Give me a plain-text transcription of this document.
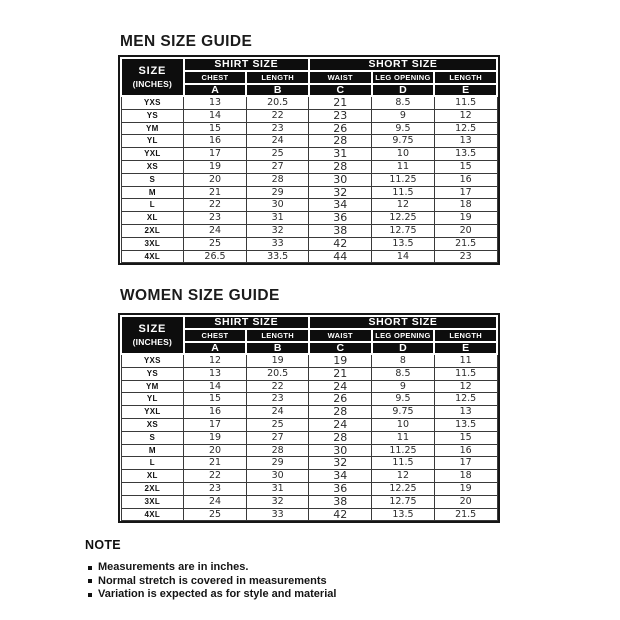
MEN SIZE GUIDE
SIZE
(INCHES)	SHIRT SIZE		SHORT SIZE		
	CHEST	LENGTH	WAIST	LEG OPENING	LENGTH
	A	B	C	D	E
YXS	13	20.5	21	8.5	11.5
YS	14	22	23	9	12
YM	15	23	26	9.5	12.5
YL	16	24	28	9.75	13
YXL	17	25	31	10	13.5
XS	19	27	28	11	15
S	20	28	30	11.25	16
M	21	29	32	11.5	17
L	22	30	34	12	18
XL	23	31	36	12.25	19
2XL	24	32	38	12.75	20
3XL	25	33	42	13.5	21.5
4XL	26.5	33.5	44	14	23
WOMEN SIZE GUIDE
SIZE
(INCHES)	SHIRT SIZE		SHORT SIZE		
	CHEST	LENGTH	WAIST	LEG OPENING	LENGTH
	A	B	C	D	E
YXS	12	19	19	8	11
YS	13	20.5	21	8.5	11.5
YM	14	22	24	9	12
YL	15	23	26	9.5	12.5
YXL	16	24	28	9.75	13
XS	17	25	24	10	13.5
S	19	27	28	11	15
M	20	28	30	11.25	16
L	21	29	32	11.5	17
XL	22	30	34	12	18
2XL	23	31	36	12.25	19
3XL	24	32	38	12.75	20
4XL	25	33	42	13.5	21.5
NOTE
Measurements are in inches.
Normal stretch is covered in measurements
Variation is expected as for style and material
